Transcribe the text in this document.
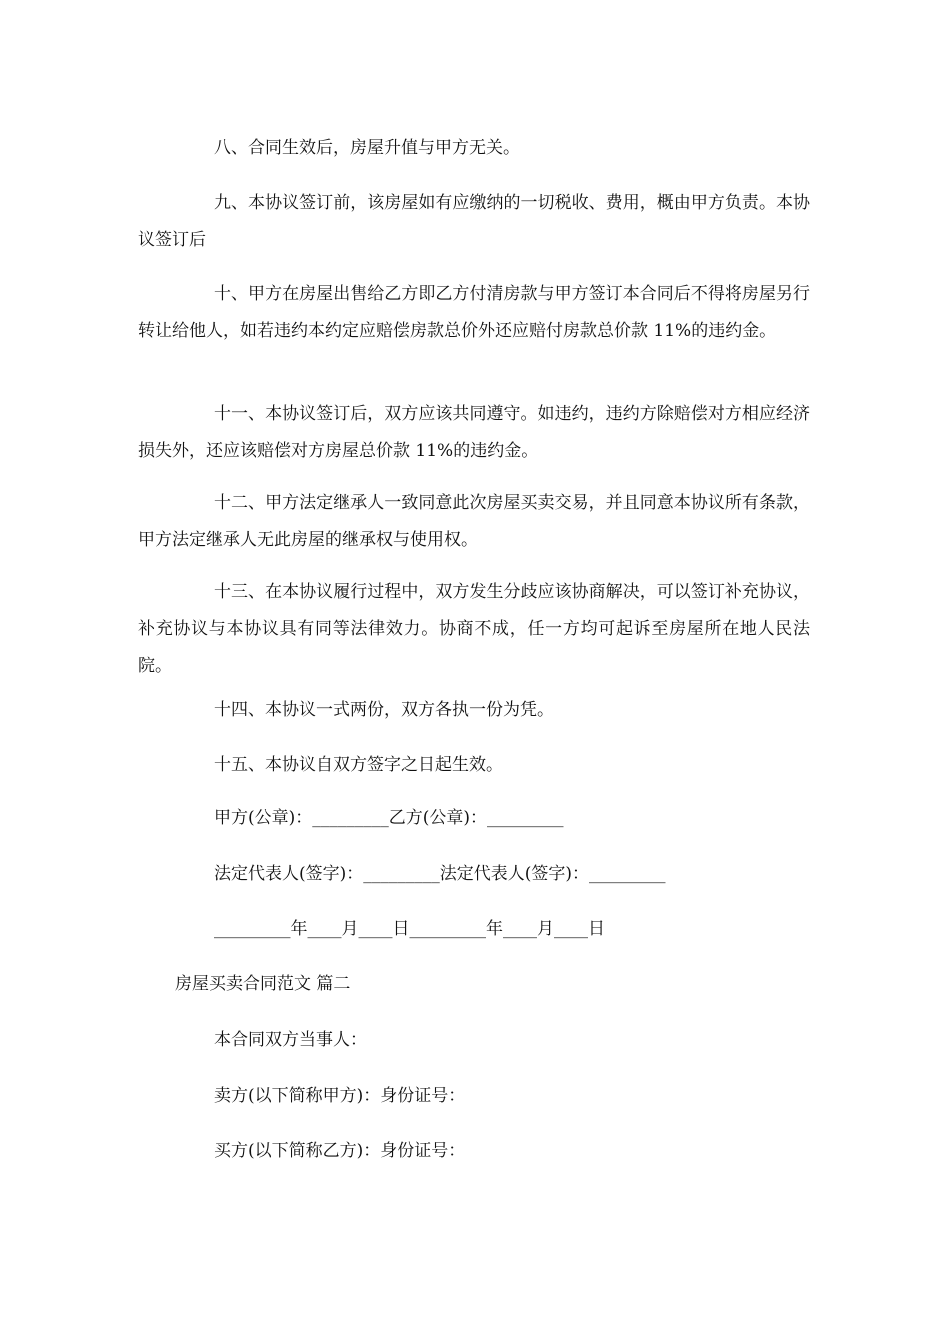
八、合同生效后，房屋升值与甲方无关。

九、本协议签订前，该房屋如有应缴纳的一切税收、费用，概由甲方负责。本协议签订后

十、甲方在房屋出售给乙方即乙方付清房款与甲方签订本合同后不得将房屋另行转让给他人，如若违约本约定应赔偿房款总价外还应赔付房款总价款 11%的违约金。

十一、本协议签订后，双方应该共同遵守。如违约，违约方除赔偿对方相应经济损失外，还应该赔偿对方房屋总价款 11%的违约金。

十二、甲方法定继承人一致同意此次房屋买卖交易，并且同意本协议所有条款，甲方法定继承人无此房屋的继承权与使用权。

十三、在本协议履行过程中，双方发生分歧应该协商解决，可以签订补充协议，补充协议与本协议具有同等法律效力。协商不成，任一方均可起诉至房屋所在地人民法院。

十四、本协议一式两份，双方各执一份为凭。

十五、本协议自双方签字之日起生效。

甲方(公章)：_________乙方(公章)：_________

法定代表人(签字)：_________法定代表人(签字)：_________

_________年____月____日_________年____月____日

房屋买卖合同范文 篇二

本合同双方当事人：

卖方(以下简称甲方)：身份证号：

买方(以下简称乙方)：身份证号：
